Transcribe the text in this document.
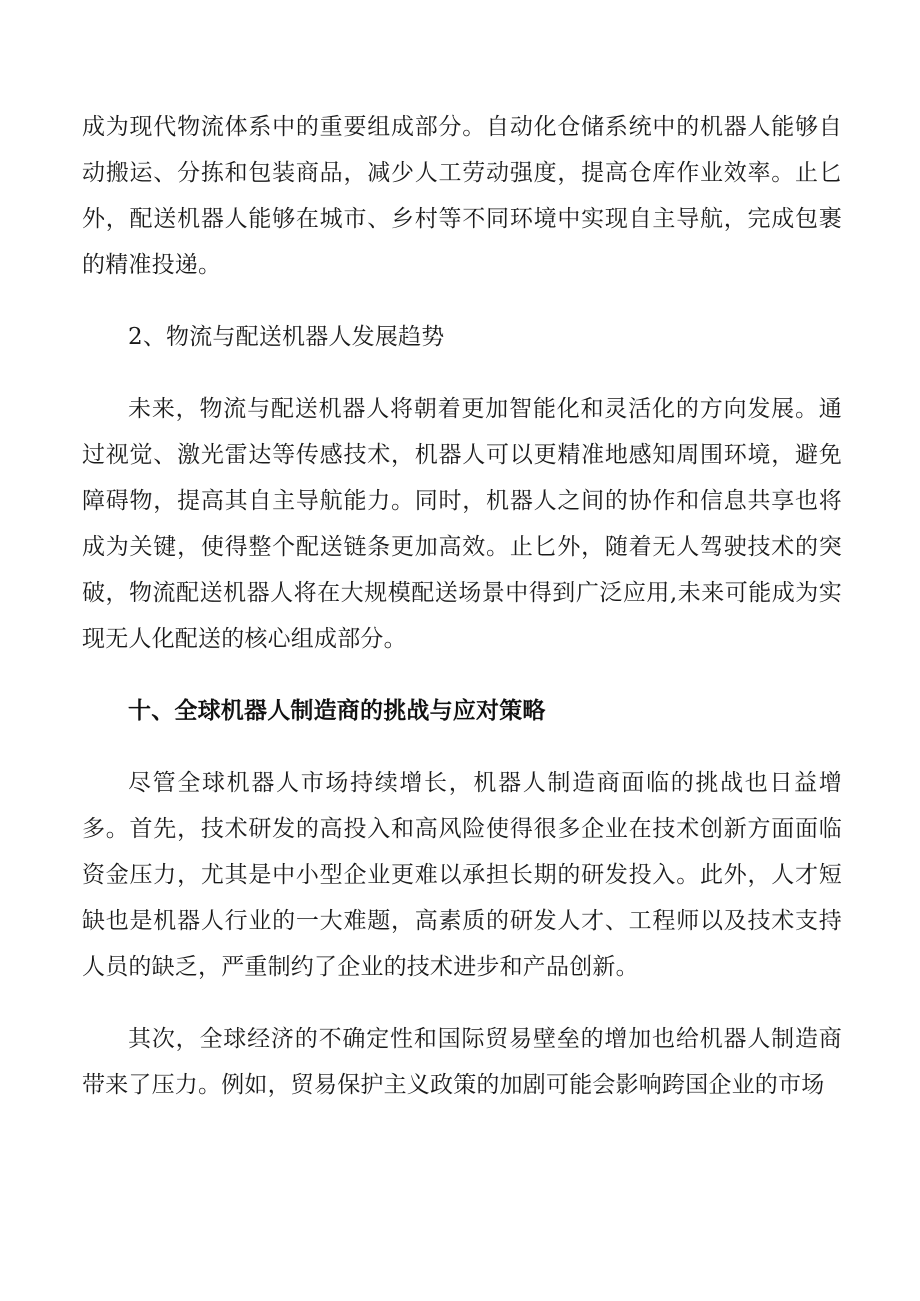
成为现代物流体系中的重要组成部分。自动化仓储系统中的机器人能够自动搬运、分拣和包装商品，减少人工劳动强度，提高仓库作业效率。止匕外，配送机器人能够在城市、乡村等不同环境中实现自主导航，完成包裹的精准投递。

2、物流与配送机器人发展趋势

未来，物流与配送机器人将朝着更加智能化和灵活化的方向发展。通过视觉、激光雷达等传感技术，机器人可以更精准地感知周围环境，避免障碍物，提高其自主导航能力。同时，机器人之间的协作和信息共享也将成为关键，使得整个配送链条更加高效。止匕外，随着无人驾驶技术的突破，物流配送机器人将在大规模配送场景中得到广泛应用,未来可能成为实现无人化配送的核心组成部分。

十、全球机器人制造商的挑战与应对策略

尽管全球机器人市场持续增长，机器人制造商面临的挑战也日益增多。首先，技术研发的高投入和高风险使得很多企业在技术创新方面面临资金压力，尤其是中小型企业更难以承担长期的研发投入。此外，人才短缺也是机器人行业的一大难题，高素质的研发人才、工程师以及技术支持人员的缺乏，严重制约了企业的技术进步和产品创新。

其次，全球经济的不确定性和国际贸易壁垒的增加也给机器人制造商带来了压力。例如，贸易保护主义政策的加剧可能会影响跨国企业的市场
